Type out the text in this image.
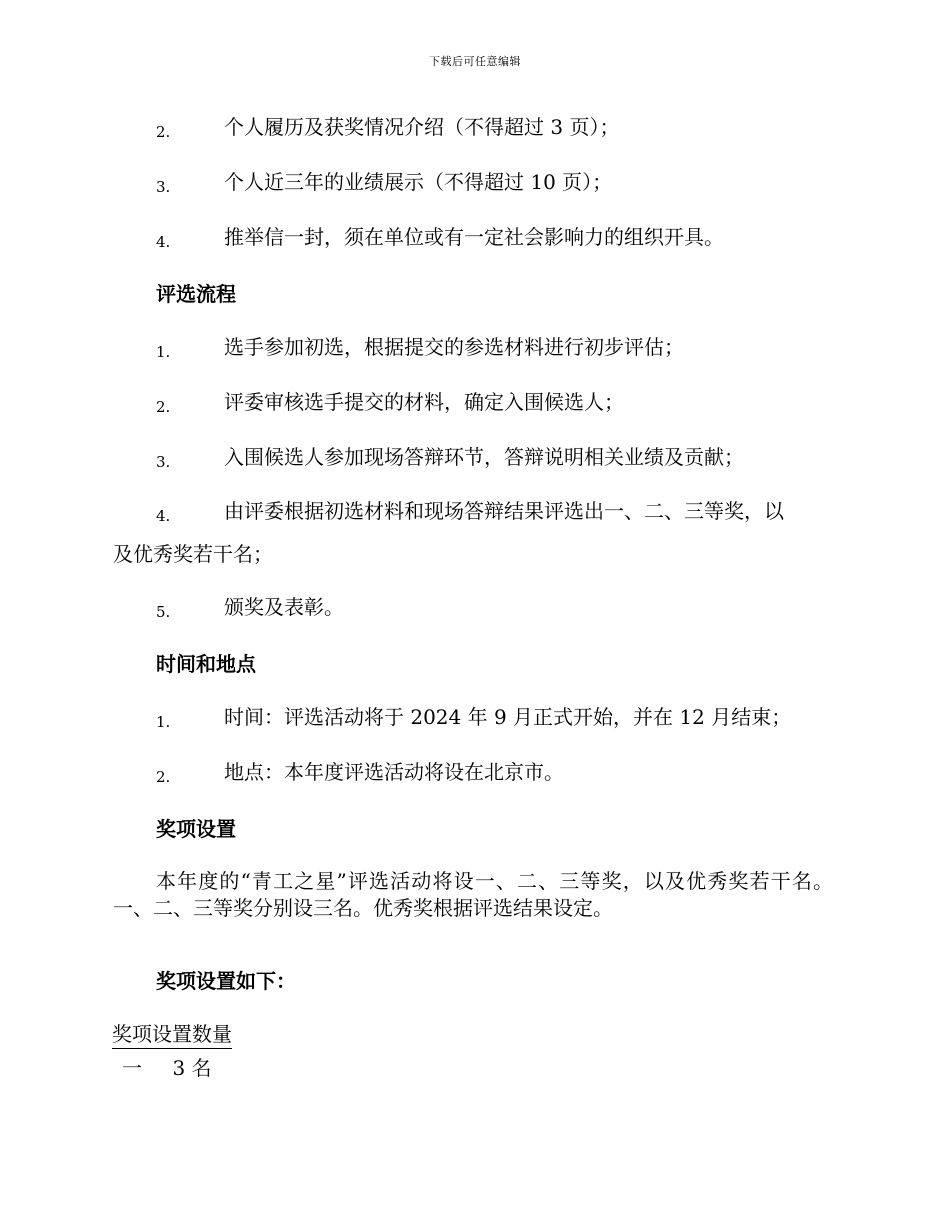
下载后可任意编辑
2.	个人履历及获奖情况介绍（不得超过 3 页）；
3.	个人近三年的业绩展示（不得超过 10 页）；
4.	推举信一封，须在单位或有一定社会影响力的组织开具。
评选流程
1.	选手参加初选，根据提交的参选材料进行初步评估；
2.	评委审核选手提交的材料，确定入围候选人；
3.	入围候选人参加现场答辩环节，答辩说明相关业绩及贡献；
4.	由评委根据初选材料和现场答辩结果评选出一、二、三等奖，以
及优秀奖若干名；
5.	颁奖及表彰。
时间和地点
1.	时间：评选活动将于 2024 年 9 月正式开始，并在 12 月结束；
2.	地点：本年度评选活动将设在北京市。
奖项设置
本年度的“青工之星”评选活动将设一、二、三等奖，以及优秀奖若干名。一、二、三等奖分别设三名。优秀奖根据评选结果设定。
奖项设置如下：
奖项	设置数量
一	3 名
